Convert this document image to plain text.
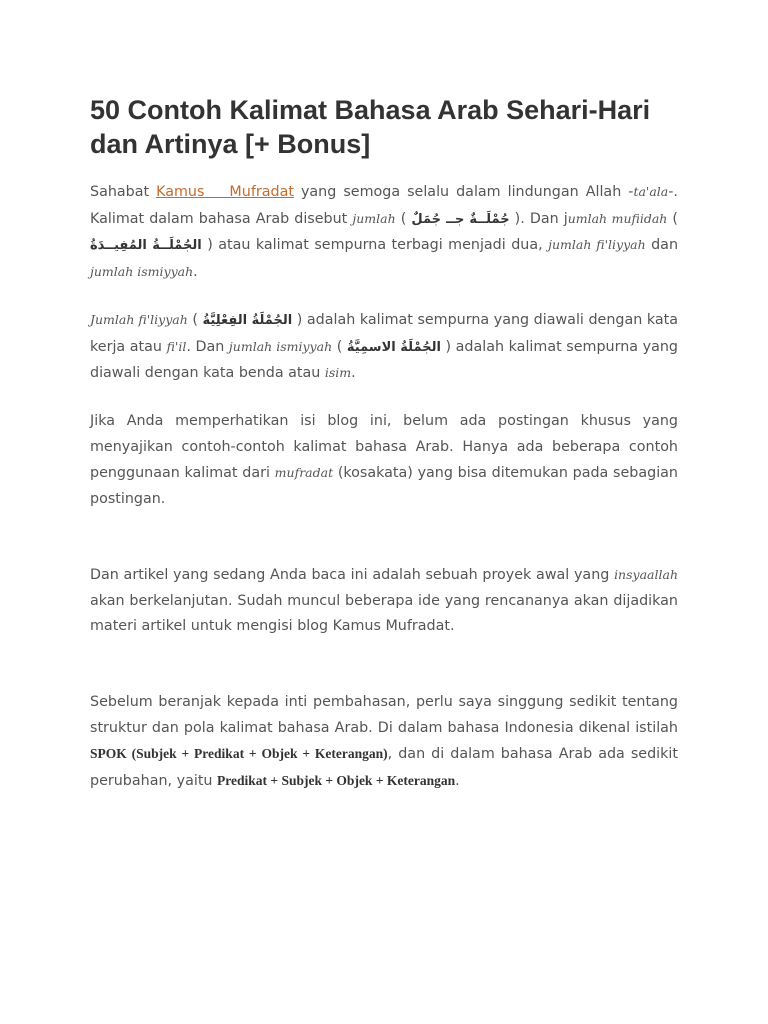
50 Contoh Kalimat Bahasa Arab Sehari-Hari dan Artinya [+ Bonus]

Sahabat Kamus Mufradat yang semoga selalu dalam lindungan Allah -ta'ala-. Kalimat dalam bahasa Arab disebut jumlah ( جُمْلَــةٌ جــ جُمَلٌ ). Dan jumlah mufiidah ( الجُمْلَــةُ المُفِيــدَةُ ) atau kalimat sempurna terbagi menjadi dua, jumlah fi'liyyah dan jumlah ismiyyah.

Jumlah fi'liyyah ( الجُمْلَةُ الفِعْلِيَّةُ ) adalah kalimat sempurna yang diawali dengan kata kerja atau fi'il. Dan jumlah ismiyyah ( الجُمْلَةُ الاسمِيَّةُ ) adalah kalimat sempurna yang diawali dengan kata benda atau isim.

Jika Anda memperhatikan isi blog ini, belum ada postingan khusus yang menyajikan contoh-contoh kalimat bahasa Arab. Hanya ada beberapa contoh penggunaan kalimat dari mufradat (kosakata) yang bisa ditemukan pada sebagian postingan.

Dan artikel yang sedang Anda baca ini adalah sebuah proyek awal yang insyaallah akan berkelanjutan. Sudah muncul beberapa ide yang rencananya akan dijadikan materi artikel untuk mengisi blog Kamus Mufradat.

Sebelum beranjak kepada inti pembahasan, perlu saya singgung sedikit tentang struktur dan pola kalimat bahasa Arab. Di dalam bahasa Indonesia dikenal istilah SPOK (Subjek + Predikat + Objek + Keterangan), dan di dalam bahasa Arab ada sedikit perubahan, yaitu Predikat + Subjek + Objek + Keterangan.
